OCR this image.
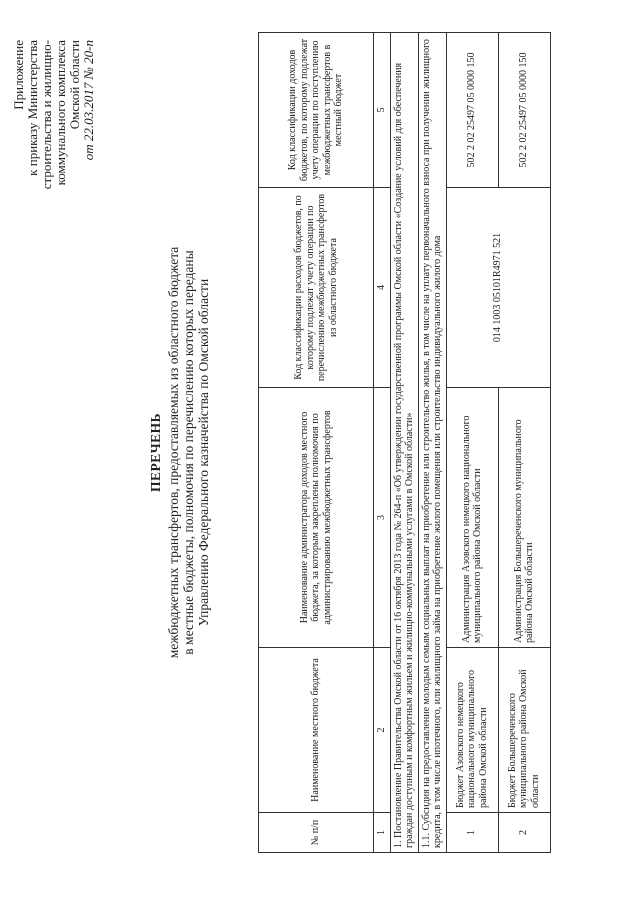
Приложение к приказу Министерства строительства и жилищно- коммунального комплекса Омской области от 22.03.2017 № 20-п
ПЕРЕЧЕНЬ межбюджетных трансфертов, предоставляемых из областного бюджета в местные бюджеты, полномочия по перечислению которых переданы Управлению Федерального казначейства по Омской области
№ п/п	Наименование местного бюджета	Наименование администратора доходов местного бюджета, за которым закреплены полномочия по администрированию межбюджетных трансфертов	Код классификации расходов бюджетов, по которому подлежат учету операции по перечислению межбюджетных трансфертов из областного бюджета	Код классификации доходов бюджетов, по которому подлежат учету операции по поступлению межбюджетных трансфертов в местный бюджет
1	2	3	4	5
1. Постановление Правительства Омской области от 16 октября 2013 года № 264-п «Об утверждении государственной программы Омской области «Создание условий для обеспечения граждан доступным и комфортным жильем и жилищно-коммунальными услугами в Омской области»				
1.1. Субсидия на предоставление молодым семьям социальных выплат на приобретение или строительство жилья, в том числе на уплату первоначального взноса при получении жилищного кредита, в том числе ипотечного, или жилищного займа на приобретение жилого помещения или строительство индивидуального жилого дома				
1	Бюджет Азовского немецкого национального муниципального района Омской области	Администрация Азовского немецкого национального муниципального района Омской области	014 1003 05101R4971 521	502 2 02 25497 05 0000 150
2	Бюджет Большереченского муниципального района Омской области	Администрация Большереченского муниципального района Омской области		502 2 02 25497 05 0000 150
